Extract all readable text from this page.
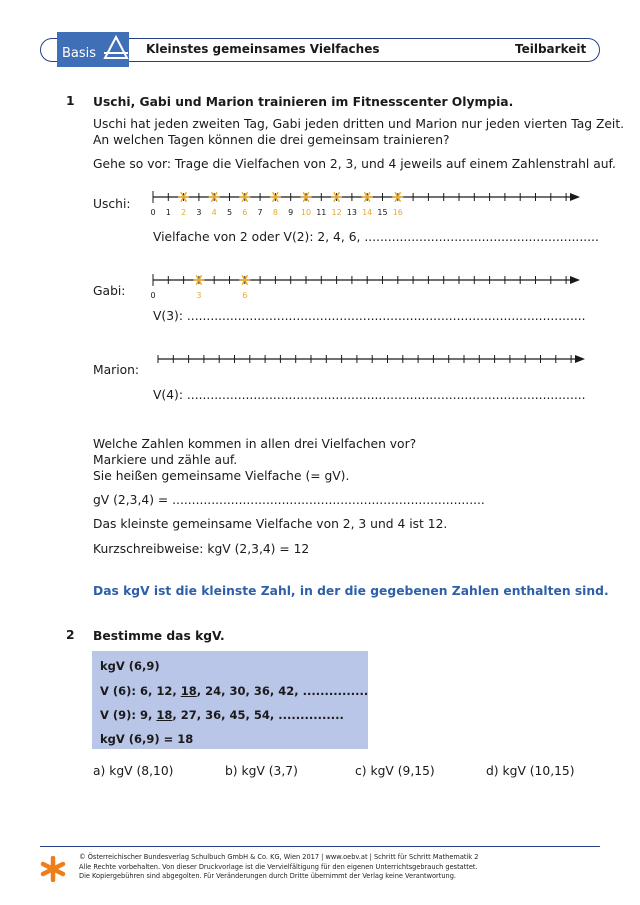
Basis	Kleinstes gemeinsames Vielfaches	Teilbarkeit
1 Uschi, Gabi und Marion trainieren im Fitnesscenter Olympia.
Uschi hat jeden zweiten Tag, Gabi jeden dritten und Marion nur jeden vierten Tag Zeit.
An welchen Tagen können die drei gemeinsam trainieren?
Gehe so vor: Trage die Vielfachen von 2, 3, und 4 jeweils auf einem Zahlenstrahl auf.
Uschi:
Gabi:
Marion:
0 1 2 3 4 5 6 7 8 9 10 11 12 13 14 15 16
0	3	6
Vielfache von 2 oder V(2): 2, 4, 6, ............................................................
V(3): ......................................................................................................
V(4): ......................................................................................................
Welche Zahlen kommen in allen drei Vielfachen vor?
Markiere und zähle auf.
Sie heißen gemeinsame Vielfache (= gV).
gV (2,3,4) = ................................................................................
Das kleinste gemeinsame Vielfache von 2, 3 und 4 ist 12.
Kurzschreibweise: kgV (2,3,4) = 12
Das kgV ist die kleinste Zahl, in der die gegebenen Zahlen enthalten sind.
2 Bestimme das kgV.
kgV (6,9)
V (6): 6, 12, 18, 24, 30, 36, 42, ...............
V (9): 9, 18, 27, 36, 45, 54, ...............
kgV (6,9) = 18
a) kgV (8,10)	b) kgV (3,7)	c) kgV (9,15)	d) kgV (10,15)
© Österreichischer Bundesverlag Schulbuch GmbH & Co. KG, Wien 2017 | www.oebv.at | Schritt für Schritt Mathematik 2
Alle Rechte vorbehalten. Von dieser Druckvorlage ist die Vervielfältigung für den eigenen Unterrichtsgebrauch gestattet.
Die Kopiergebühren sind abgegolten. Für Veränderungen durch Dritte übernimmt der Verlag keine Verantwortung.
